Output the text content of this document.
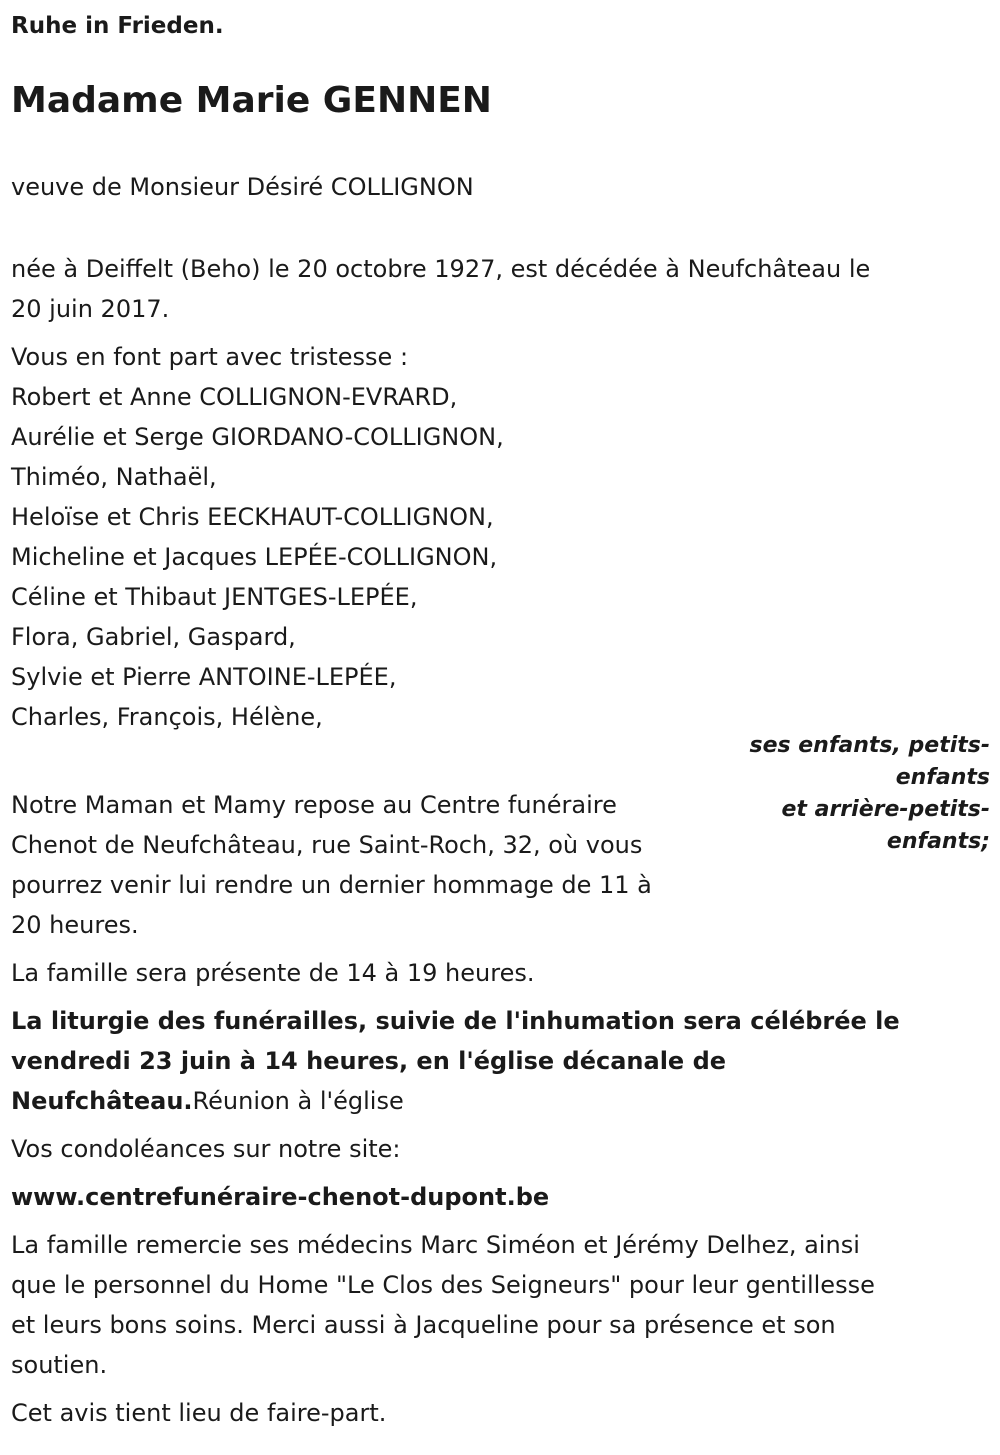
Ruhe in Frieden.

Madame Marie GENNEN

veuve de Monsieur Désiré COLLIGNON

née à Deiffelt (Beho) le 20 octobre 1927, est décédée à Neufchâteau le

20 juin 2017.

Vous en font part avec tristesse :

Robert et Anne COLLIGNON-EVRARD,

Aurélie et Serge GIORDANO-COLLIGNON,

Thiméo, Nathaël,

Heloïse et Chris EECKHAUT-COLLIGNON,

Micheline et Jacques LEPÉE-COLLIGNON,

Céline et Thibaut JENTGES-LEPÉE,

Flora, Gabriel, Gaspard,

Sylvie et Pierre ANTOINE-LEPÉE,

Charles, François, Hélène,

Notre Maman et Mamy repose au Centre funéraire

Chenot de Neufchâteau, rue Saint-Roch, 32, où vous

pourrez venir lui rendre un dernier hommage de 11 à

20 heures.

La famille sera présente de 14 à 19 heures.

La liturgie des funérailles, suivie de l'inhumation sera célébrée le

vendredi 23 juin à 14 heures, en l'église décanale de

Neufchâteau.Réunion à l'église

Vos condoléances sur notre site:

www.centrefunéraire-chenot-dupont.be

La famille remercie ses médecins Marc Siméon et Jérémy Delhez, ainsi

que le personnel du Home "Le Clos des Seigneurs" pour leur gentillesse

et leurs bons soins. Merci aussi à Jacqueline pour sa présence et son

soutien.

Cet avis tient lieu de faire-part.

ses enfants, petits-
enfants
et arrière-petits-
enfants;
